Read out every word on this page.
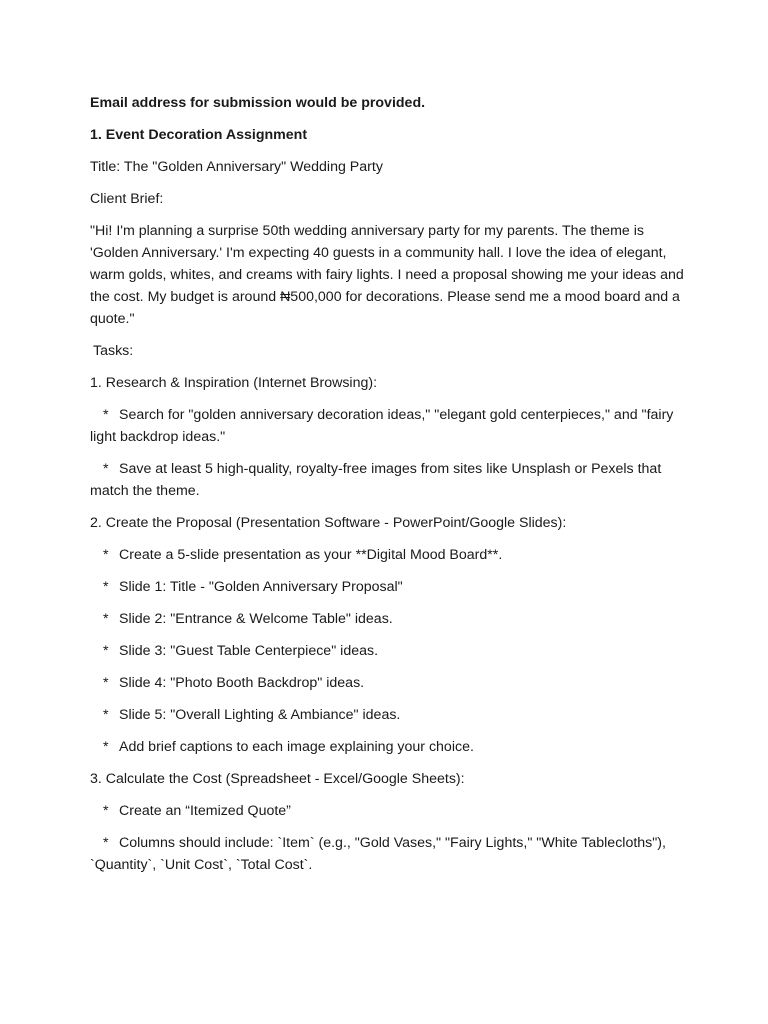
Email address for submission would be provided.

1. Event Decoration Assignment

Title: The "Golden Anniversary" Wedding Party

Client Brief:

"Hi! I'm planning a surprise 50th wedding anniversary party for my parents. The theme is 'Golden Anniversary.' I'm expecting 40 guests in a community hall. I love the idea of elegant, warm golds, whites, and creams with fairy lights. I need a proposal showing me your ideas and the cost. My budget is around ₦500,000 for decorations. Please send me a mood board and a quote."

Tasks:

1. Research & Inspiration (Internet Browsing):

* Search for "golden anniversary decoration ideas," "elegant gold centerpieces," and "fairy light backdrop ideas."

* Save at least 5 high-quality, royalty-free images from sites like Unsplash or Pexels that match the theme.

2. Create the Proposal (Presentation Software - PowerPoint/Google Slides):

* Create a 5-slide presentation as your **Digital Mood Board**.

* Slide 1: Title - "Golden Anniversary Proposal"

* Slide 2: "Entrance & Welcome Table" ideas.

* Slide 3: "Guest Table Centerpiece" ideas.

* Slide 4: "Photo Booth Backdrop" ideas.

* Slide 5: "Overall Lighting & Ambiance" ideas.

* Add brief captions to each image explaining your choice.

3. Calculate the Cost (Spreadsheet - Excel/Google Sheets):

* Create an “Itemized Quote”

* Columns should include: `Item` (e.g., "Gold Vases," "Fairy Lights," "White Tablecloths"), `Quantity`, `Unit Cost`, `Total Cost`.
